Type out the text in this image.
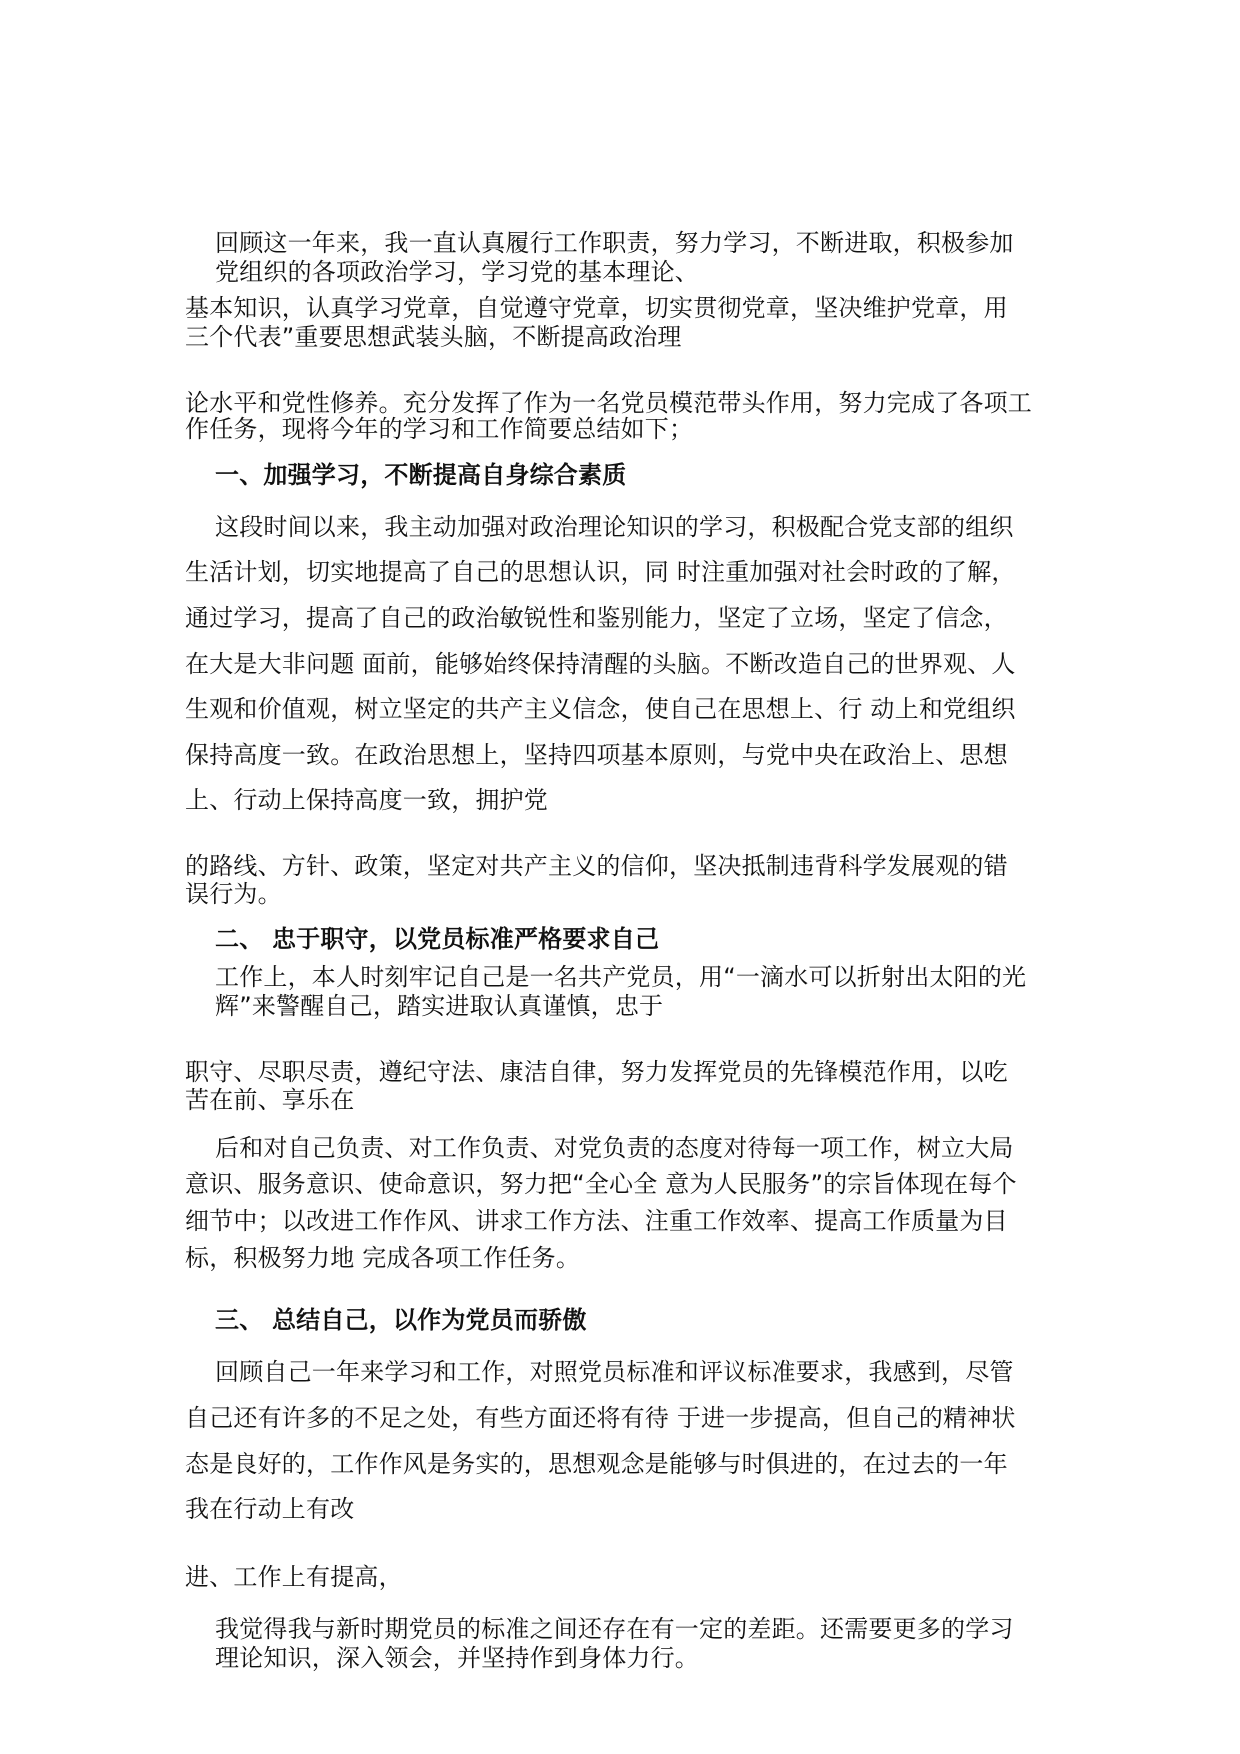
回顾这一年来，我一直认真履行工作职责，努力学习，不断进取，积极参加
党组织的各项政治学习，学习党的基本理论、
基本知识，认真学习党章，自觉遵守党章，切实贯彻党章，坚决维护党章，用
三个代表”重要思想武装头脑，不断提高政治理
论水平和党性修养。充分发挥了作为一名党员模范带头作用，努力完成了各项工
作任务，现将今年的学习和工作简要总结如下；
一、加强学习，不断提高自身综合素质
这段时间以来，我主动加强对政治理论知识的学习，积极配合党支部的组织
生活计划，切实地提高了自己的思想认识，同 时注重加强对社会时政的了解，
通过学习，提高了自己的政治敏锐性和鉴别能力，坚定了立场，坚定了信念，
在大是大非问题 面前，能够始终保持清醒的头脑。不断改造自己的世界观、人
生观和价值观，树立坚定的共产主义信念，使自己在思想上、行 动上和党组织
保持高度一致。在政治思想上，坚持四项基本原则，与党中央在政治上、思想
上、行动上保持高度一致，拥护党
的路线、方针、政策，坚定对共产主义的信仰，坚决抵制违背科学发展观的错
误行为。
二、 忠于职守，以党员标准严格要求自己
工作上，本人时刻牢记自己是一名共产党员，用“一滴水可以折射出太阳的光
辉”来警醒自己，踏实进取认真谨慎，忠于
职守、尽职尽责，遵纪守法、康洁自律，努力发挥党员的先锋模范作用，以吃
苦在前、享乐在
后和对自己负责、对工作负责、对党负责的态度对待每一项工作，树立大局
意识、服务意识、使命意识，努力把“全心全 意为人民服务”的宗旨体现在每个
细节中；以改进工作作风、讲求工作方法、注重工作效率、提高工作质量为目
标，积极努力地 完成各项工作任务。
三、 总结自己，以作为党员而骄傲
回顾自己一年来学习和工作，对照党员标准和评议标准要求，我感到，尽管
自己还有许多的不足之处，有些方面还将有待 于进一步提高，但自己的精神状
态是良好的，工作作风是务实的，思想观念是能够与时俱进的，在过去的一年
我在行动上有改
进、工作上有提高，
我觉得我与新时期党员的标准之间还存在有一定的差距。还需要更多的学习
理论知识，深入领会，并坚持作到身体力行。
